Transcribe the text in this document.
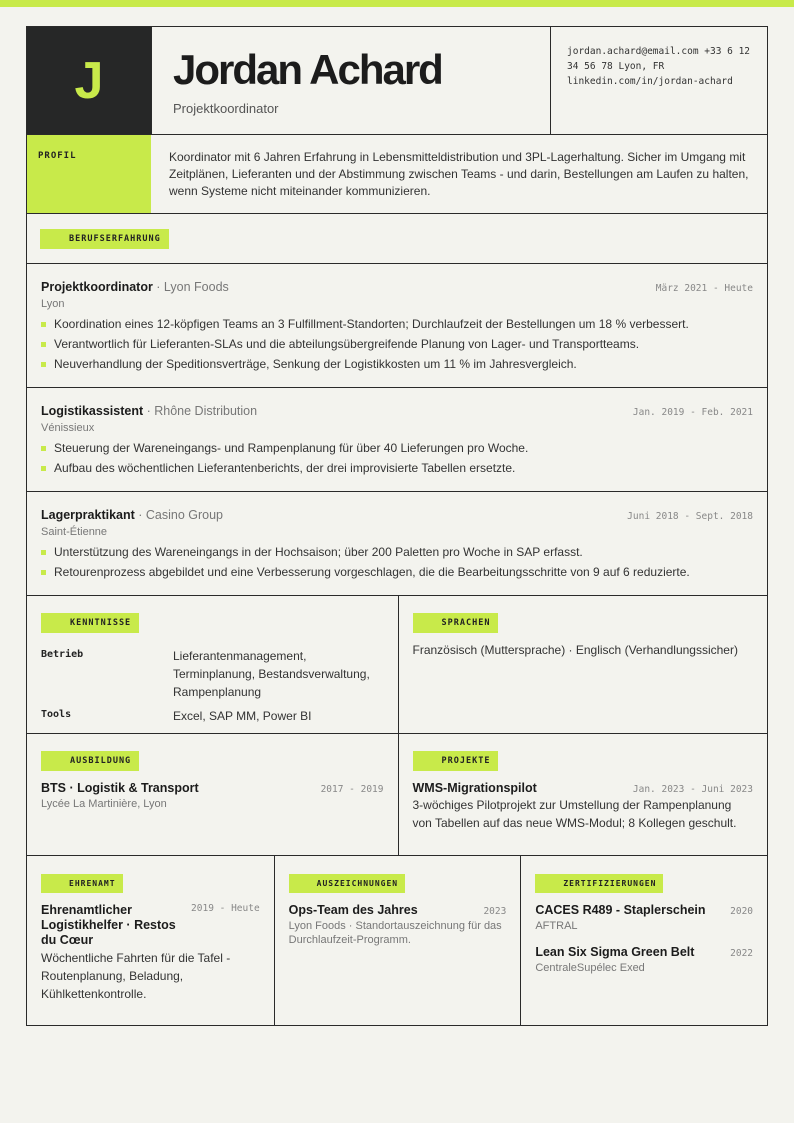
J	Jordan Achard
Projektkoordinator
jordan.achard@email.com +33 6 12
34 56 78 Lyon, FR
linkedin.com/in/jordan-achard
PROFIL	Koordinator mit 6 Jahren Erfahrung in Lebensmitteldistribution und 3PL-Lagerhaltung. Sicher im Umgang mit Zeitplänen, Lieferanten und der Abstimmung zwischen Teams - und darin, Bestellungen am Laufen zu halten, wenn Systeme nicht miteinander kommunizieren.
BERUFSERFAHRUNG
Projektkoordinator · Lyon Foods	März 2021 - Heute
Lyon
Koordination eines 12-köpfigen Teams an 3 Fulfillment-Standorten; Durchlaufzeit der Bestellungen um 18 % verbessert.
Verantwortlich für Lieferanten-SLAs und die abteilungsübergreifende Planung von Lager- und Transportteams.
Neuverhandlung der Speditionsverträge, Senkung der Logistikkosten um 11 % im Jahresvergleich.
Logistikassistent · Rhône Distribution	Jan. 2019 - Feb. 2021
Vénissieux
Steuerung der Wareneingangs- und Rampenplanung für über 40 Lieferungen pro Woche.
Aufbau des wöchentlichen Lieferantenberichts, der drei improvisierte Tabellen ersetzte.
Lagerpraktikant · Casino Group	Juni 2018 - Sept. 2018
Saint-Étienne
Unterstützung des Wareneingangs in der Hochsaison; über 200 Paletten pro Woche in SAP erfasst.
Retourenprozess abgebildet und eine Verbesserung vorgeschlagen, die die Bearbeitungsschritte von 9 auf 6 reduzierte.
KENNTNISSE
Betrieb	Lieferantenmanagement, Terminplanung, Bestandsverwaltung, Rampenplanung
Tools	Excel, SAP MM, Power BI
SPRACHEN
Französisch (Muttersprache) · Englisch (Verhandlungssicher)
AUSBILDUNG
BTS · Logistik & Transport	2017 - 2019
Lycée La Martinière, Lyon
PROJEKTE
WMS-Migrationspilot	Jan. 2023 - Juni 2023
3-wöchiges Pilotprojekt zur Umstellung der Rampenplanung von Tabellen auf das neue WMS-Modul; 8 Kollegen geschult.
EHRENAMT
Ehrenamtlicher Logistikhelfer · Restos du Cœur
2019 - Heute
Wöchentliche Fahrten für die Tafel - Routenplanung, Beladung, Kühlkettenkontrolle.
AUSZEICHNUNGEN
Ops-Team des Jahres	2023
Lyon Foods · Standortauszeichnung für das Durchlaufzeit-Programm.
ZERTIFIZIERUNGEN
CACES R489 - Staplerschein	2020
AFTRAL
Lean Six Sigma Green Belt	2022
CentraleSupélec Exed
